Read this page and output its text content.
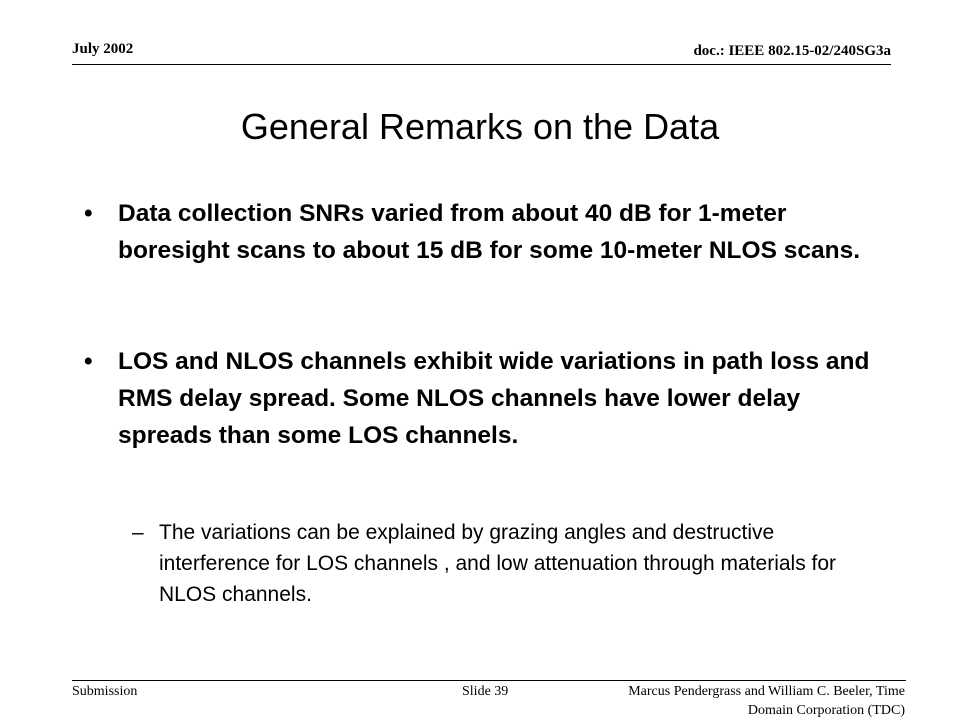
July 2002	doc.: IEEE 802.15-02/240SG3a
General Remarks on the Data
•	Data collection SNRs varied from about 40 dB for 1-meter boresight scans to about 15 dB for some 10-meter NLOS scans.
•	LOS and NLOS channels exhibit wide variations in path loss and RMS delay spread. Some NLOS channels have lower delay spreads than some LOS channels.
– The variations can be explained by grazing angles and destructive interference for LOS channels , and low attenuation through materials for NLOS channels.
Submission	Slide 39	Marcus Pendergrass and William C. Beeler, Time
Domain Corporation (TDC)
